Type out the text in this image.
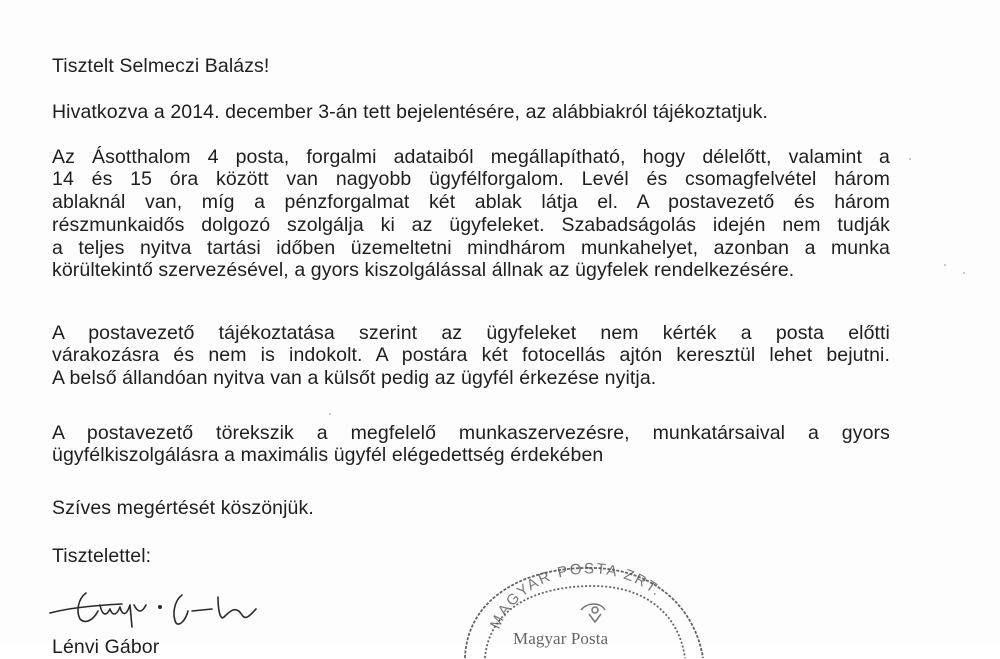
Tisztelt Selmeczi Balázs!
Hivatkozva a 2014. december 3-án tett bejelentésére, az alábbiakról tájékoztatjuk.
Az Ásotthalom 4 posta, forgalmi adataiból megállapítható, hogy délelőtt, valamint a
14 és 15 óra között van nagyobb ügyfélforgalom. Levél és csomagfelvétel három
ablaknál van, míg a pénzforgalmat két ablak látja el. A postavezető és három
részmunkaidős dolgozó szolgálja ki az ügyfeleket. Szabadságolás idején nem tudják
a teljes nyitva tartási időben üzemeltetni mindhárom munkahelyet, azonban a munka
körültekintő szervezésével, a gyors kiszolgálással állnak az ügyfelek rendelkezésére.
A postavezető tájékoztatása szerint az ügyfeleket nem kérték a posta előtti
várakozásra és nem is indokolt. A postára két fotocellás ajtón keresztül lehet bejutni.
A belső állandóan nyitva van a külsőt pedig az ügyfél érkezése nyitja.
A postavezető törekszik a megfelelő munkaszervezésre, munkatársaival a gyors
ügyfélkiszolgálásra a maximális ügyfél elégedettség érdekében
Szíves megértését köszönjük.
Tisztelettel:
Lénvi Gábor
MAGYAR POSTA ZRT.
Magyar Posta
